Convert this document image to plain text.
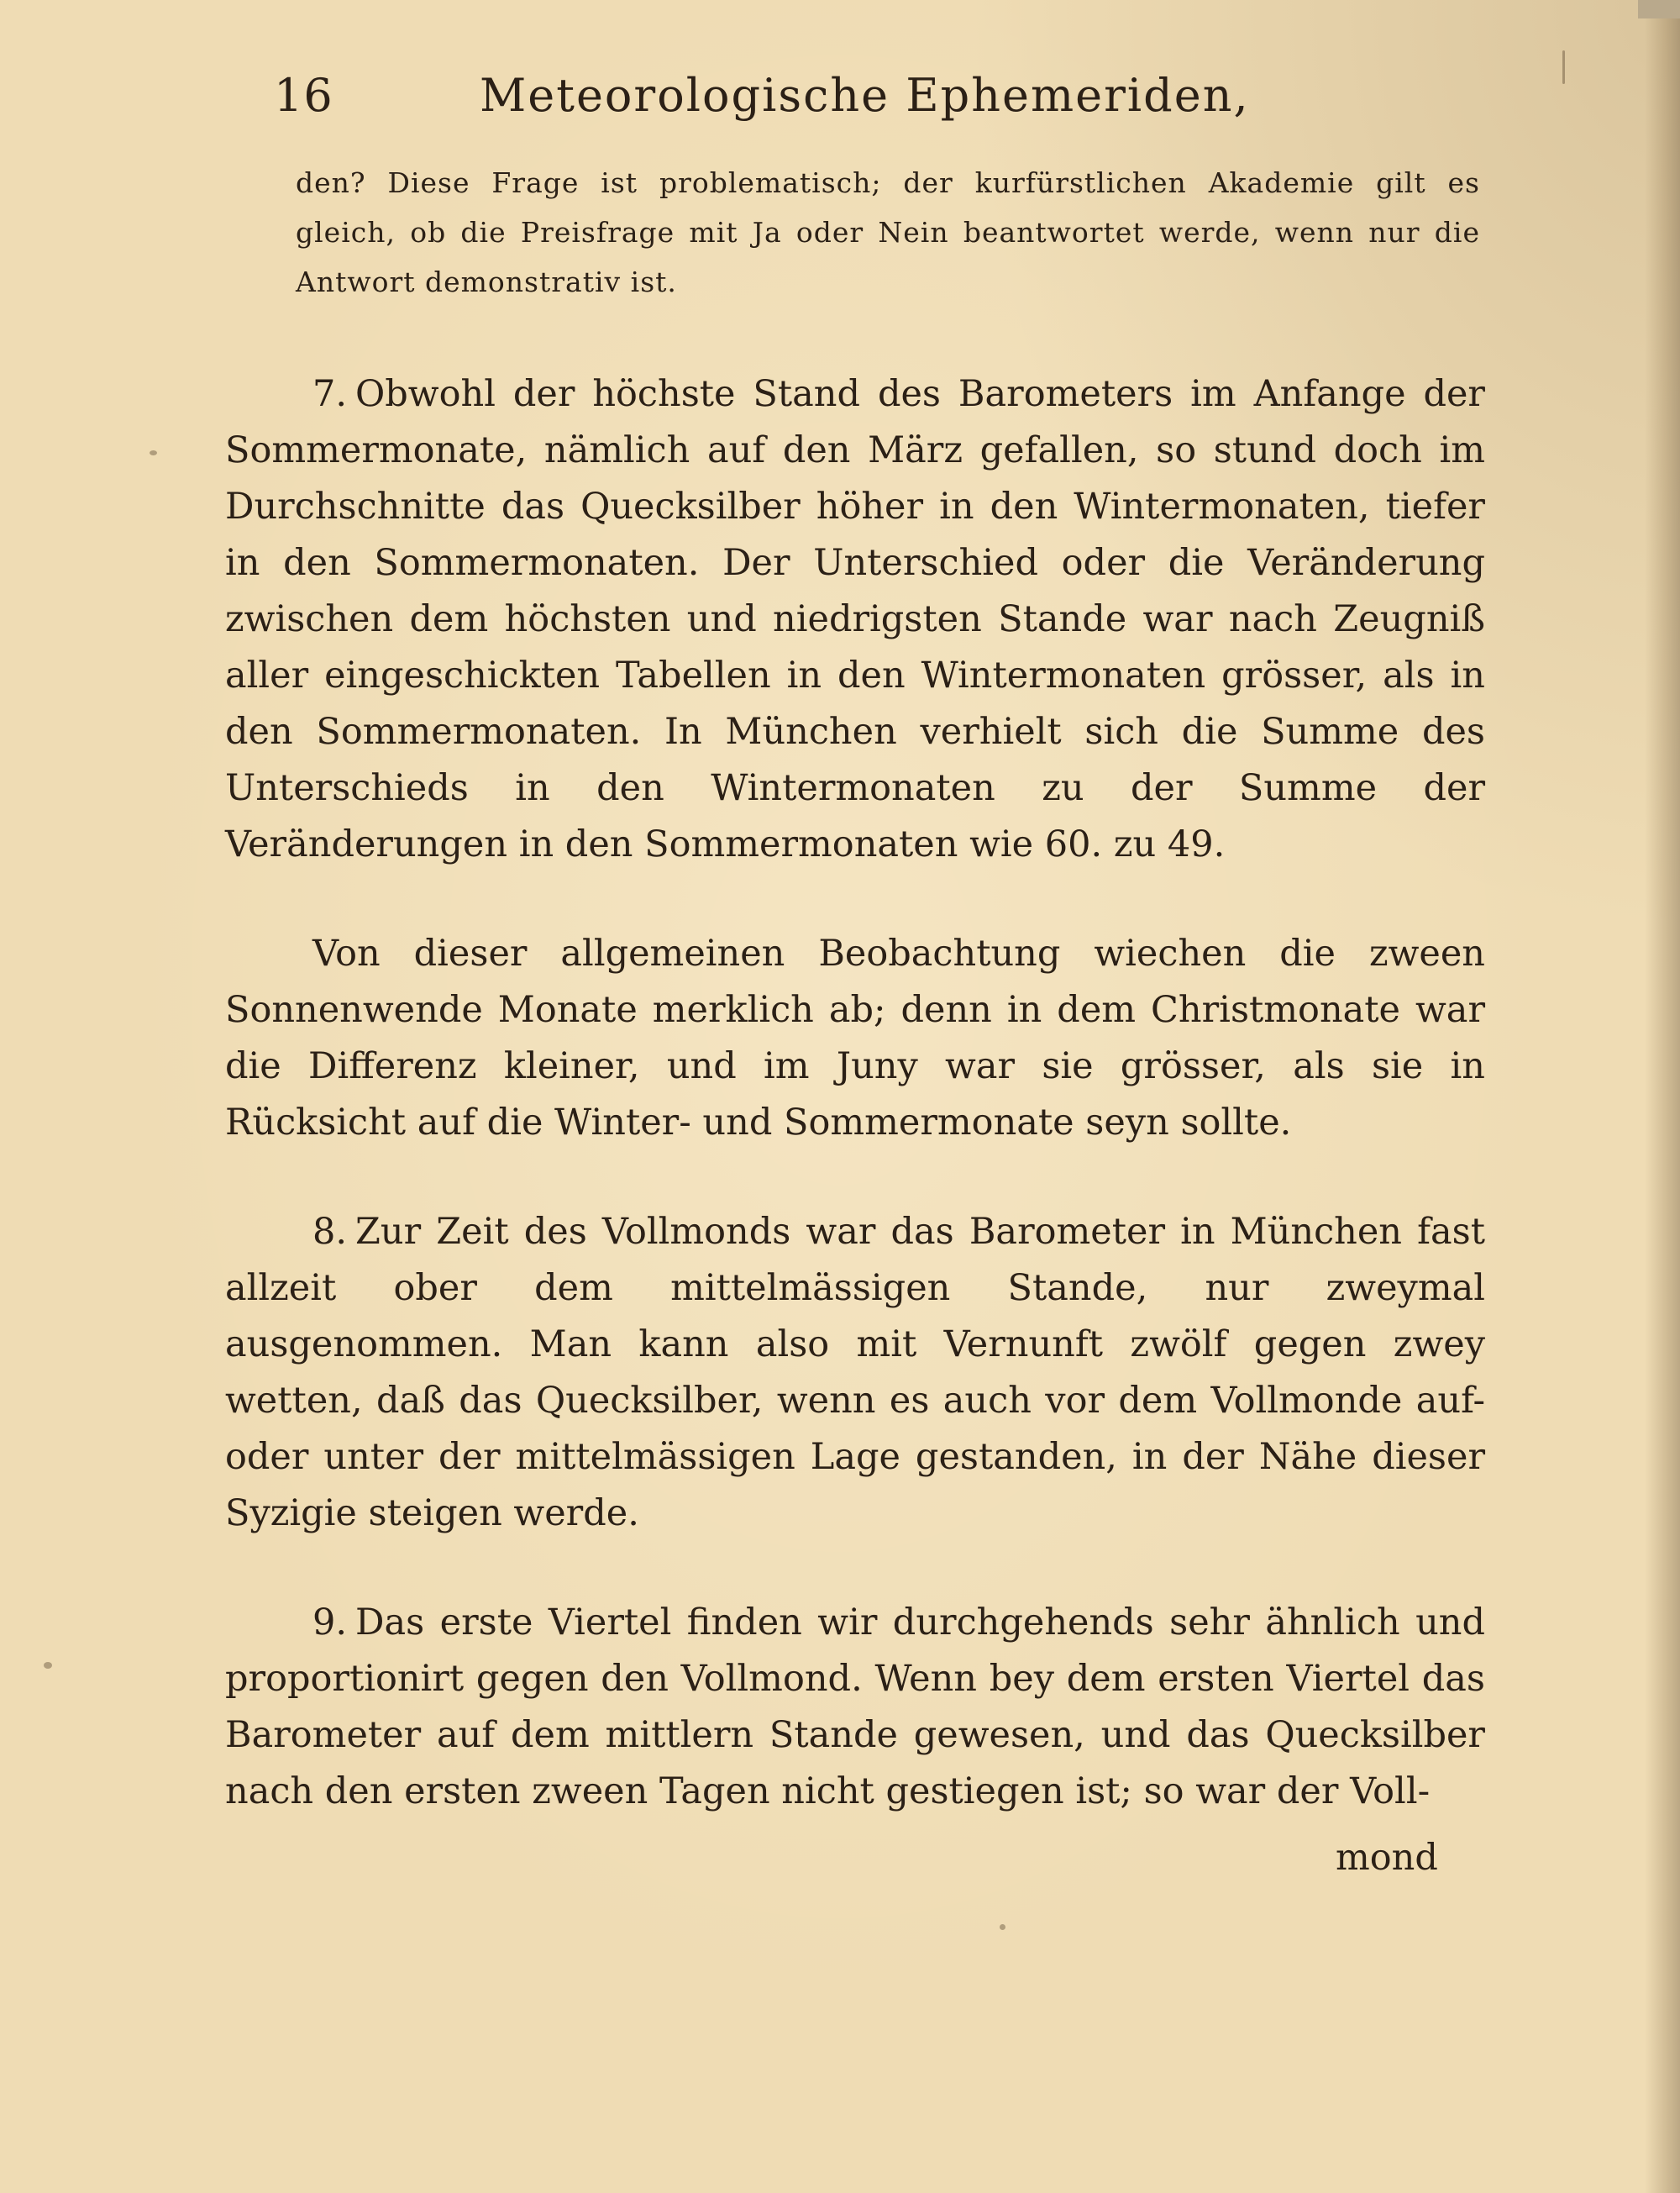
16	Meteorologische Ephemeriden,
den? Diese Frage ist problematisch; der kurfürstlichen Akademie gilt es gleich, ob die Preisfrage mit Ja oder Nein beantwortet werde, wenn nur die Antwort demonstrativ ist.

7. Obwohl der höchste Stand des Barometers im Anfange der Sommermonate, nämlich auf den März gefallen, so stund doch im Durchschnitte das Quecksilber höher in den Wintermonaten, tiefer in den Sommermonaten. Der Unterschied oder die Veränderung zwischen dem höchsten und niedrigsten Stande war nach Zeugniß aller eingeschickten Tabellen in den Wintermonaten grösser, als in den Sommermonaten. In München verhielt sich die Summe des Unterschieds in den Wintermonaten zu der Summe der Veränderungen in den Sommermonaten wie 60. zu 49.

Von dieser allgemeinen Beobachtung wiechen die zween Sonnenwende Monate merklich ab; denn in dem Christmonate war die Differenz kleiner, und im Juny war sie grösser, als sie in Rücksicht auf die Winter- und Sommermonate seyn sollte.

8. Zur Zeit des Vollmonds war das Barometer in München fast allzeit ober dem mittelmässigen Stande, nur zweymal ausgenommen. Man kann also mit Vernunft zwölf gegen zwey wetten, daß das Quecksilber, wenn es auch vor dem Vollmonde auf- oder unter der mittelmässigen Lage gestanden, in der Nähe dieser Syzigie steigen werde.

9. Das erste Viertel finden wir durchgehends sehr ähnlich und proportionirt gegen den Vollmond. Wenn bey dem ersten Viertel das Barometer auf dem mittlern Stande gewesen, und das Quecksilber nach den ersten zween Tagen nicht gestiegen ist; so war der Voll-

mond
